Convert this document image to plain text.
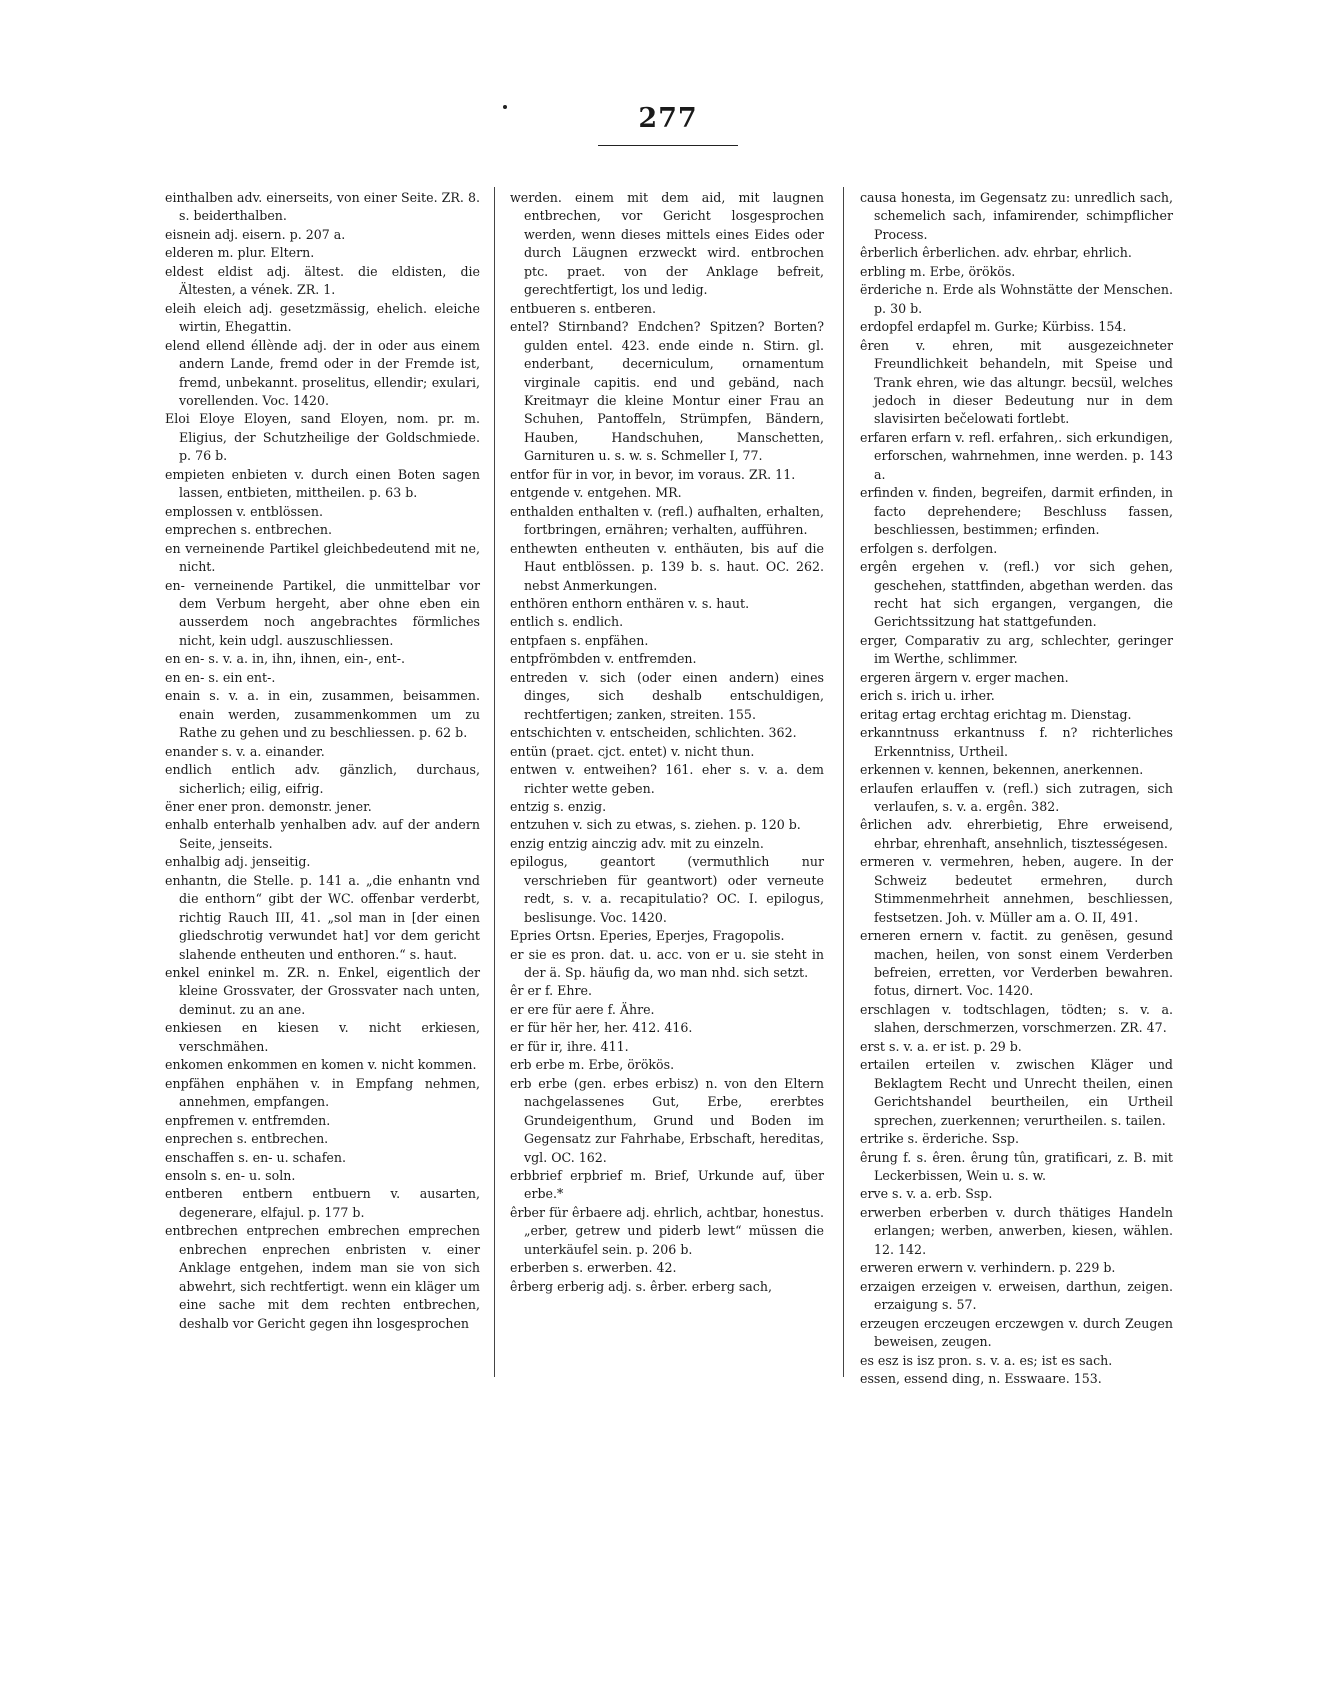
277

einthalben adv. einerseits, von einer Seite. ZR. 8. s. beiderthalben.

eisnein adj. eisern. p. 207 a.

elderen m. plur. Eltern.

eldest eldist adj. ältest. die eldisten, die Ältesten, a vének. ZR. 1.

eleih eleich adj. gesetzmässig, ehelich. eleiche wirtin, Ehegattin.

elend ellend éllènde adj. der in oder aus einem andern Lande, fremd oder in der Fremde ist, fremd, unbekannt. proselitus, ellendir; exulari, vorellenden. Voc. 1420.

Eloi Eloye Eloyen, sand Eloyen, nom. pr. m. Eligius, der Schutzheilige der Goldschmiede. p. 76 b.

empieten enbieten v. durch einen Boten sagen lassen, entbieten, mittheilen. p. 63 b.

emplossen v. entblössen.

emprechen s. entbrechen.

en verneinende Partikel gleichbedeutend mit ne, nicht.

en- verneinende Partikel, die unmittelbar vor dem Verbum hergeht, aber ohne eben ein ausserdem noch angebrachtes förmliches nicht, kein udgl. auszuschliessen.

en en- s. v. a. in, ihn, ihnen, ein-, ent-.

en en- s. ein ent-.

enain s. v. a. in ein, zusammen, beisammen. enain werden, zusammenkommen um zu Rathe zu gehen und zu beschliessen. p. 62 b.

enander s. v. a. einander.

endlich entlich adv. gänzlich, durchaus, sicherlich; eilig, eifrig.

ëner ener pron. demonstr. jener.

enhalb enterhalb yenhalben adv. auf der andern Seite, jenseits.

enhalbig adj. jenseitig.

enhantn, die Stelle. p. 141 a. „die enhantn vnd die enthorn“ gibt der WC. offenbar verderbt, richtig Rauch III, 41. „sol man in [der einen gliedschrotig verwundet hat] vor dem gericht slahende entheuten und enthoren.“ s. haut.

enkel eninkel m. ZR. n. Enkel, eigentlich der kleine Grossvater, der Grossvater nach unten, deminut. zu an ane.

enkiesen en kiesen v. nicht erkiesen, verschmähen.

enkomen enkommen en komen v. nicht kommen.

enpfähen enphähen v. in Empfang nehmen, annehmen, empfangen.

enpfremen v. entfremden.

enprechen s. entbrechen.

enschaffen s. en- u. schafen.

ensoln s. en- u. soln.

entberen entbern entbuern v. ausarten, degenerare, elfajul. p. 177 b.

entbrechen entprechen embrechen emprechen enbrechen enprechen enbristen v. einer Anklage entgehen, indem man sie von sich abwehrt, sich rechtfertigt. wenn ein kläger um eine sache mit dem rechten entbrechen, deshalb vor Gericht gegen ihn losgesprochen

werden. einem mit dem aid, mit laugnen entbrechen, vor Gericht losgesprochen werden, wenn dieses mittels eines Eides oder durch Läugnen erzweckt wird. entbrochen ptc. praet. von der Anklage befreit, gerechtfertigt, los und ledig.

entbueren s. entberen.

entel? Stirnband? Endchen? Spitzen? Borten? gulden entel. 423. ende einde n. Stirn. gl. enderbant, decerniculum, ornamentum virginale capitis. end und gebänd, nach Kreitmayr die kleine Montur einer Frau an Schuhen, Pantoffeln, Strümpfen, Bändern, Hauben, Handschuhen, Manschetten, Garnituren u. s. w. s. Schmeller I, 77.

entfor für in vor, in bevor, im voraus. ZR. 11.

entgende v. entgehen. MR.

enthalden enthalten v. (refl.) aufhalten, erhalten, fortbringen, ernähren; verhalten, aufführen.

enthewten entheuten v. enthäuten, bis auf die Haut entblössen. p. 139 b. s. haut. OC. 262. nebst Anmerkungen.

enthören enthorn enthären v. s. haut.

entlich s. endlich.

entpfaen s. enpfähen.

entpfrömbden v. entfremden.

entreden v. sich (oder einen andern) eines dinges, sich deshalb entschuldigen, rechtfertigen; zanken, streiten. 155.

entschichten v. entscheiden, schlichten. 362.

entün (praet. cjct. entet) v. nicht thun.

entwen v. entweihen? 161. eher s. v. a. dem richter wette geben.

entzig s. enzig.

entzuhen v. sich zu etwas, s. ziehen. p. 120 b.

enzig entzig ainczig adv. mit zu einzeln.

epilogus, geantort (vermuthlich nur verschrieben für geantwort) oder verneute redt, s. v. a. recapitulatio? OC. I. epilogus, beslisunge. Voc. 1420.

Epries Ortsn. Eperies, Eperjes, Fragopolis.

er sie es pron. dat. u. acc. von er u. sie steht in der ä. Sp. häufig da, wo man nhd. sich setzt.

êr er f. Ehre.

er ere für aere f. Ähre.

er für hër her, her. 412. 416.

er für ir, ihre. 411.

erb erbe m. Erbe, örökös.

erb erbe (gen. erbes erbisz) n. von den Eltern nachgelassenes Gut, Erbe, ererbtes Grundeigenthum, Grund und Boden im Gegensatz zur Fahrhabe, Erbschaft, hereditas, vgl. OC. 162.

erbbrief erpbrief m. Brief, Urkunde auf, über erbe.*

êrber für êrbaere adj. ehrlich, achtbar, honestus. „erber, getrew und piderb lewt“ müssen die unterkäufel sein. p. 206 b.

erberben s. erwerben. 42.

êrberg erberig adj. s. êrber. erberg sach,

causa honesta, im Gegensatz zu: unredlich sach, schemelich sach, infamirender, schimpflicher Process.

êrberlich êrberlichen. adv. ehrbar, ehrlich.

erbling m. Erbe, örökös.

ërderiche n. Erde als Wohnstätte der Menschen. p. 30 b.

erdopfel erdapfel m. Gurke; Kürbiss. 154.

êren v. ehren, mit ausgezeichneter Freundlichkeit behandeln, mit Speise und Trank ehren, wie das altungr. becsül, welches jedoch in dieser Bedeutung nur in dem slavisirten bečelowati fortlebt.

erfaren erfarn v. refl. erfahren,. sich erkundigen, erforschen, wahrnehmen, inne werden. p. 143 a.

erfinden v. finden, begreifen, darmit erfinden, in facto deprehendere; Beschluss fassen, beschliessen, bestimmen; erfinden.

erfolgen s. derfolgen.

ergên ergehen v. (refl.) vor sich gehen, geschehen, stattfinden, abgethan werden. das recht hat sich ergangen, vergangen, die Gerichtssitzung hat stattgefunden.

erger, Comparativ zu arg, schlechter, geringer im Werthe, schlimmer.

ergeren ärgern v. erger machen.

erich s. irich u. irher.

eritag ertag erchtag erichtag m. Dienstag.

erkanntnuss erkantnuss f. n? richterliches Erkenntniss, Urtheil.

erkennen v. kennen, bekennen, anerkennen.

erlaufen erlauffen v. (refl.) sich zutragen, sich verlaufen, s. v. a. ergên. 382.

êrlichen adv. ehrerbietig, Ehre erweisend, ehrbar, ehrenhaft, ansehnlich, tisztességesen.

ermeren v. vermehren, heben, augere. In der Schweiz bedeutet ermehren, durch Stimmenmehrheit annehmen, beschliessen, festsetzen. Joh. v. Müller am a. O. II, 491.

erneren ernern v. factit. zu genësen, gesund machen, heilen, von sonst einem Verderben befreien, erretten, vor Verderben bewahren. fotus, dirnert. Voc. 1420.

erschlagen v. todtschlagen, tödten; s. v. a. slahen, derschmerzen, vorschmerzen. ZR. 47.

erst s. v. a. er ist. p. 29 b.

ertailen erteilen v. zwischen Kläger und Beklagtem Recht und Unrecht theilen, einen Gerichtshandel beurtheilen, ein Urtheil sprechen, zuerkennen; verurtheilen. s. tailen.

ertrike s. ërderiche. Ssp.

êrung f. s. êren. êrung tûn, gratificari, z. B. mit Leckerbissen, Wein u. s. w.

erve s. v. a. erb. Ssp.

erwerben erberben v. durch thätiges Handeln erlangen; werben, anwerben, kiesen, wählen. 12. 142.

erweren erwern v. verhindern. p. 229 b.

erzaigen erzeigen v. erweisen, darthun, zeigen. erzaigung s. 57.

erzeugen erczeugen erczewgen v. durch Zeugen beweisen, zeugen.

es esz is isz pron. s. v. a. es; ist es sach.

essen, essend ding, n. Esswaare. 153.
